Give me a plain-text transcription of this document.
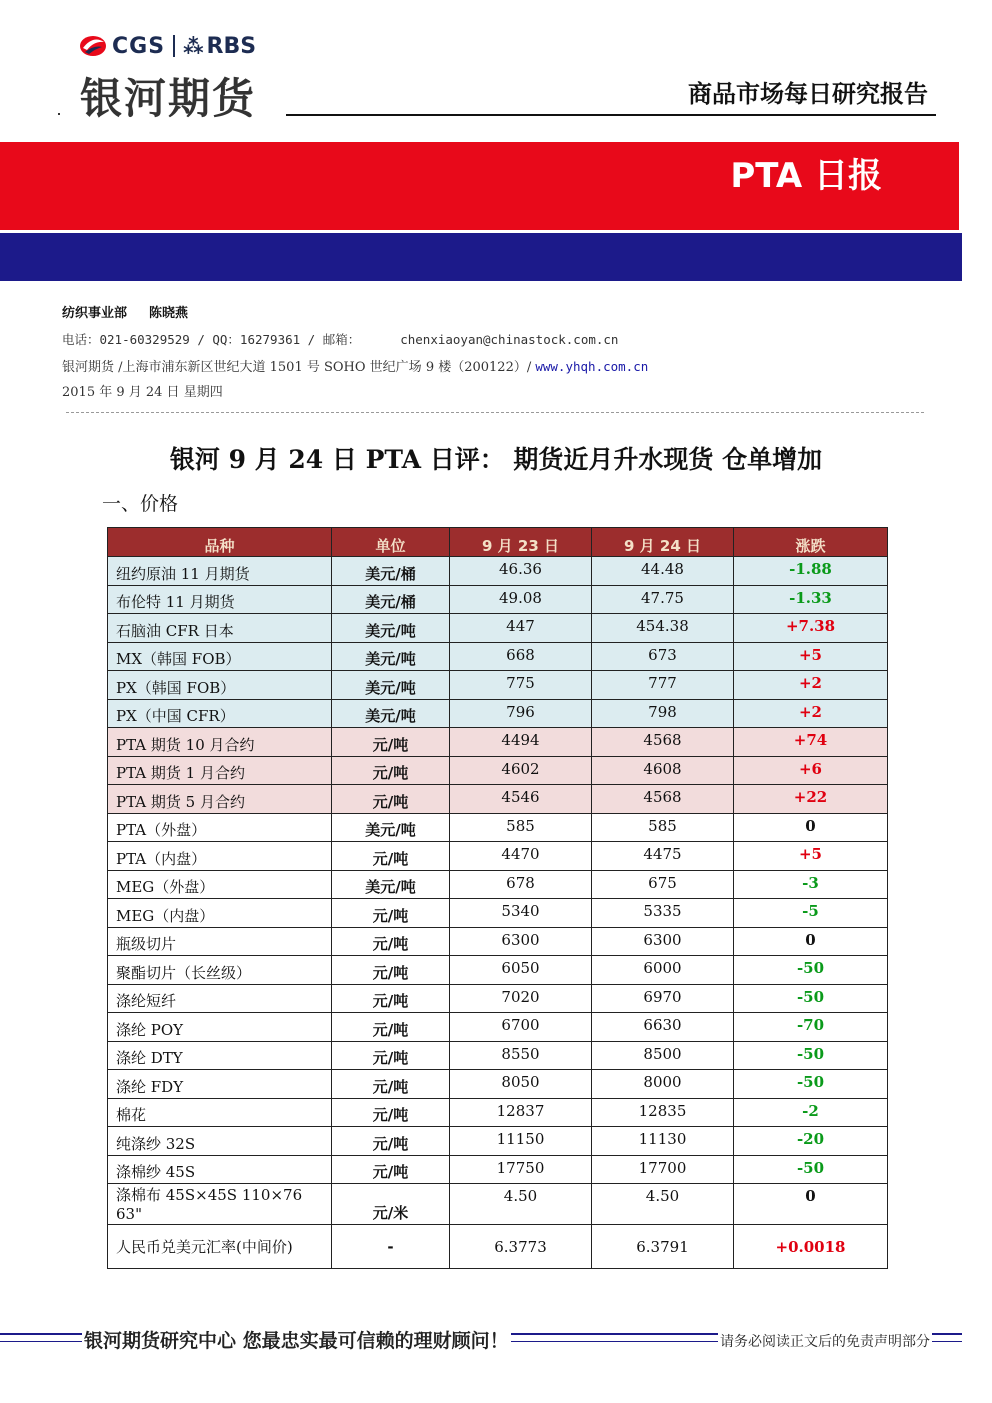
CGS ⁂ RBS
银河期货	商品市场每日研究报告
PTA 日报
纺织事业部 陈晓燕
电话：021-60329529 / QQ：16279361 / 邮箱：	chenxiaoyan@chinastock.com.cn
银河期货 /上海市浦东新区世纪大道 1501 号 SOHO 世纪广场 9 楼（200122）/ www.yhqh.com.cn
2015 年 9 月 24 日 星期四
银河 9 月 24 日 PTA 日评： 期货近月升水现货 仓单增加
一、价格
品种	单位	9 月 23 日	9 月 24 日	涨跌
纽约原油 11 月期货	美元/桶	46.36	44.48	-1.88
布伦特 11 月期货	美元/桶	49.08	47.75	-1.33
石脑油 CFR 日本	美元/吨	447	454.38	+7.38
MX（韩国 FOB）	美元/吨	668	673	+5
PX（韩国 FOB）	美元/吨	775	777	+2
PX（中国 CFR）	美元/吨	796	798	+2
PTA 期货 10 月合约	元/吨	4494	4568	+74
PTA 期货 1 月合约	元/吨	4602	4608	+6
PTA 期货 5 月合约	元/吨	4546	4568	+22
PTA（外盘）	美元/吨	585	585	0
PTA（内盘）	元/吨	4470	4475	+5
MEG（外盘）	美元/吨	678	675	-3
MEG（内盘）	元/吨	5340	5335	-5
瓶级切片	元/吨	6300	6300	0
聚酯切片（长丝级）	元/吨	6050	6000	-50
涤纶短纤	元/吨	7020	6970	-50
涤纶 POY	元/吨	6700	6630	-70
涤纶 DTY	元/吨	8550	8500	-50
涤纶 FDY	元/吨	8050	8000	-50
棉花	元/吨	12837	12835	-2
纯涤纱 32S	元/吨	11150	11130	-20
涤棉纱 45S	元/吨	17750	17700	-50
涤棉布 45S×45S 110×76 63"	元/米	4.50	4.50	0
人民币兑美元汇率(中间价)	-	6.3773	6.3791	+0.0018
银河期货研究中心 您最忠实最可信赖的理财顾问！	请务必阅读正文后的免责声明部分
